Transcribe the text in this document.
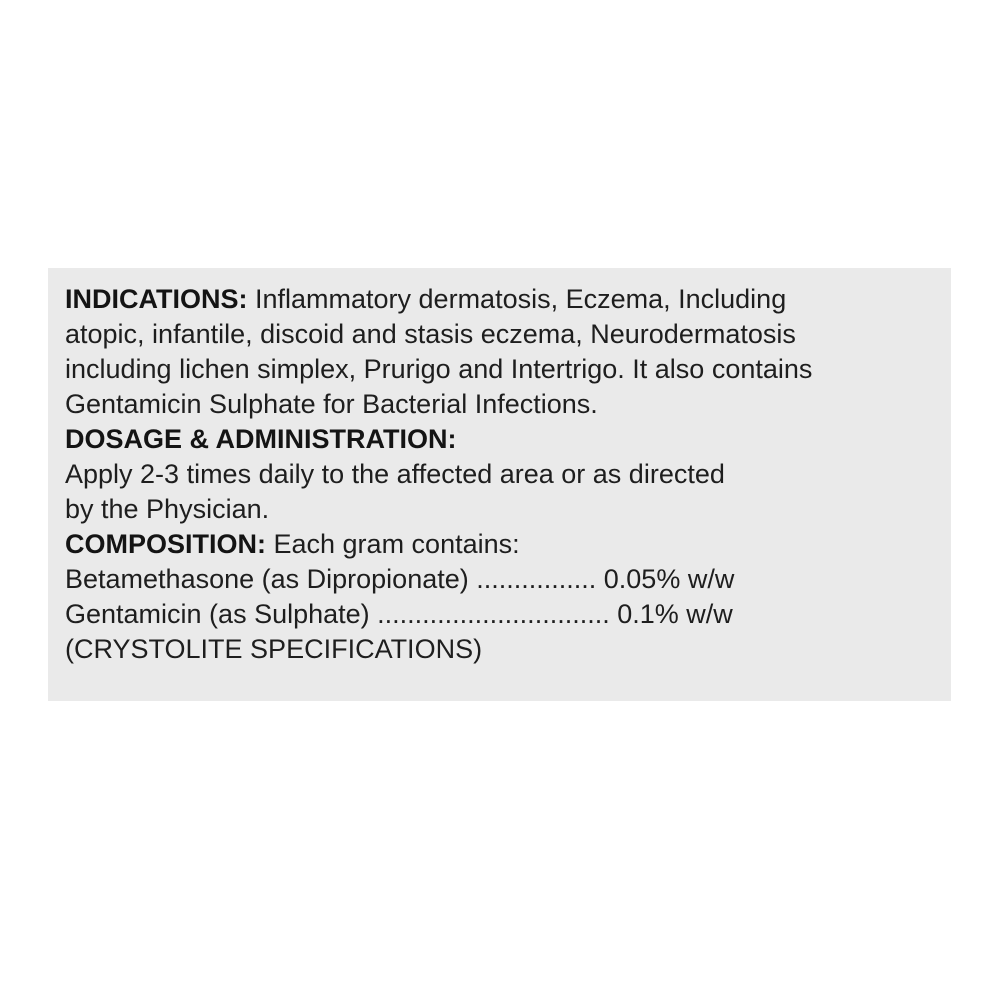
INDICATIONS: Inflammatory dermatosis, Eczema, Including
atopic, infantile, discoid and stasis eczema, Neurodermatosis
including lichen simplex, Prurigo and Intertrigo. It also contains
Gentamicin Sulphate for Bacterial Infections.
DOSAGE & ADMINISTRATION:
Apply 2-3 times daily to the affected area or as directed
by the Physician.
COMPOSITION: Each gram contains:
Betamethasone (as Dipropionate) ................ 0.05% w/w
Gentamicin (as Sulphate) ............................... 0.1% w/w
(CRYSTOLITE SPECIFICATIONS)
